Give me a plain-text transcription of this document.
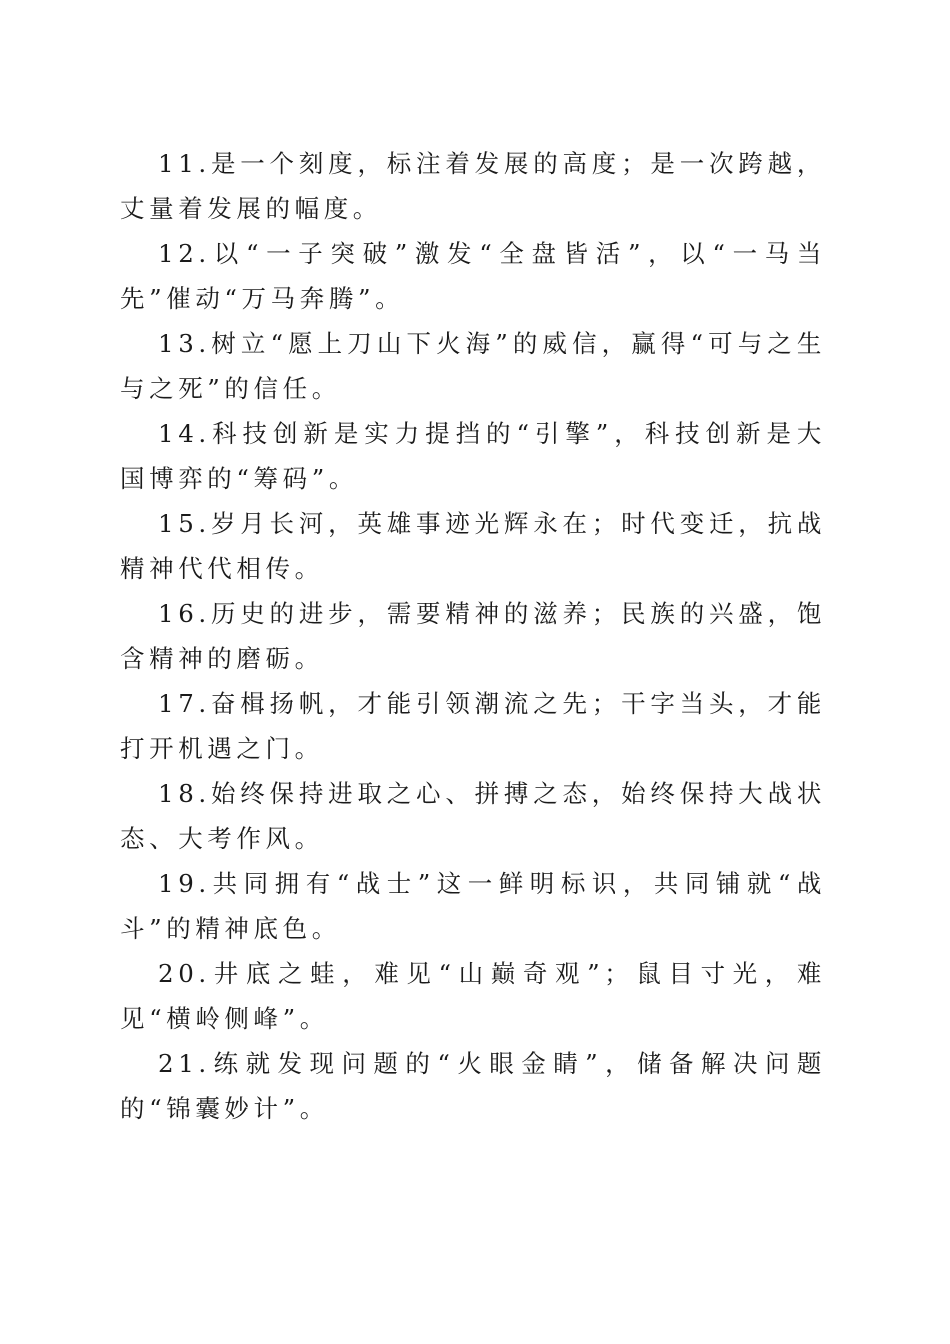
11.是一个刻度，标注着发展的高度；是一次跨越，丈量着发展的幅度。

12.以“一子突破”激发“全盘皆活”，以“一马当先”催动“万马奔腾”。

13.树立“愿上刀山下火海”的威信，赢得“可与之生与之死”的信任。

14.科技创新是实力提挡的“引擎”，科技创新是大国博弈的“筹码”。

15.岁月长河，英雄事迹光辉永在；时代变迁，抗战精神代代相传。

16.历史的进步，需要精神的滋养；民族的兴盛，饱含精神的磨砺。

17.奋楫扬帆，才能引领潮流之先；干字当头，才能打开机遇之门。

18.始终保持进取之心、拼搏之态，始终保持大战状态、大考作风。

19.共同拥有“战士”这一鲜明标识，共同铺就“战斗”的精神底色。

20.井底之蛙，难见“山巅奇观”；鼠目寸光，难见“横岭侧峰”。

21.练就发现问题的“火眼金睛”，储备解决问题的“锦囊妙计”。
